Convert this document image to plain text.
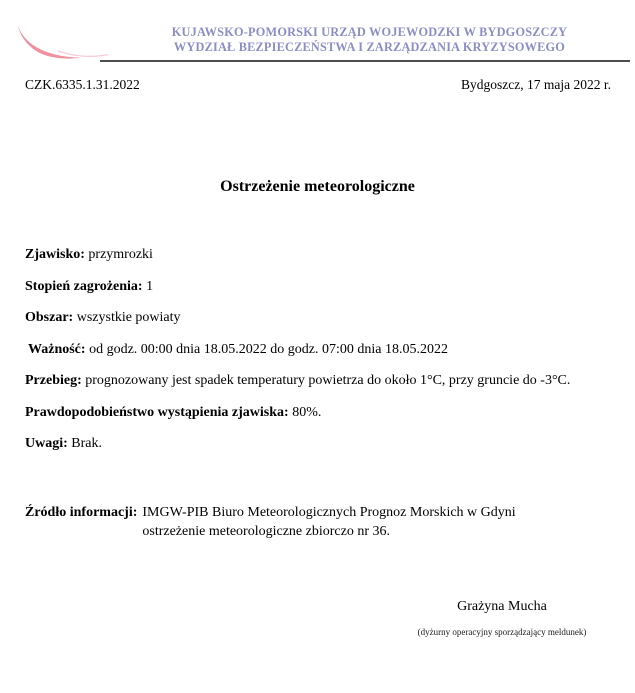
KUJAWSKO-POMORSKI URZĄD WOJEWODZKI W BYDGOSZCZY
WYDZIAŁ BEZPIECZEŃSTWA I ZARZĄDZANIA KRYZYSOWEGO
CZK.6335.1.31.2022	Bydgoszcz, 17 maja 2022 r.
Ostrzeżenie meteorologiczne
Zjawisko: przymrozki
Stopień zagrożenia: 1
Obszar: wszystkie powiaty
Ważność: od godz. 00:00 dnia 18.05.2022 do godz. 07:00 dnia 18.05.2022
Przebieg: prognozowany jest spadek temperatury powietrza do około 1°C, przy gruncie do -3°C.
Prawdopodobieństwo wystąpienia zjawiska: 80%.
Uwagi: Brak.
Źródło informacji: IMGW-PIB Biuro Meteorologicznych Prognoz Morskich w Gdyni
ostrzeżenie meteorologiczne zbiorczo nr 36.
Grażyna Mucha
(dyżurny operacyjny sporządzający meldunek)
